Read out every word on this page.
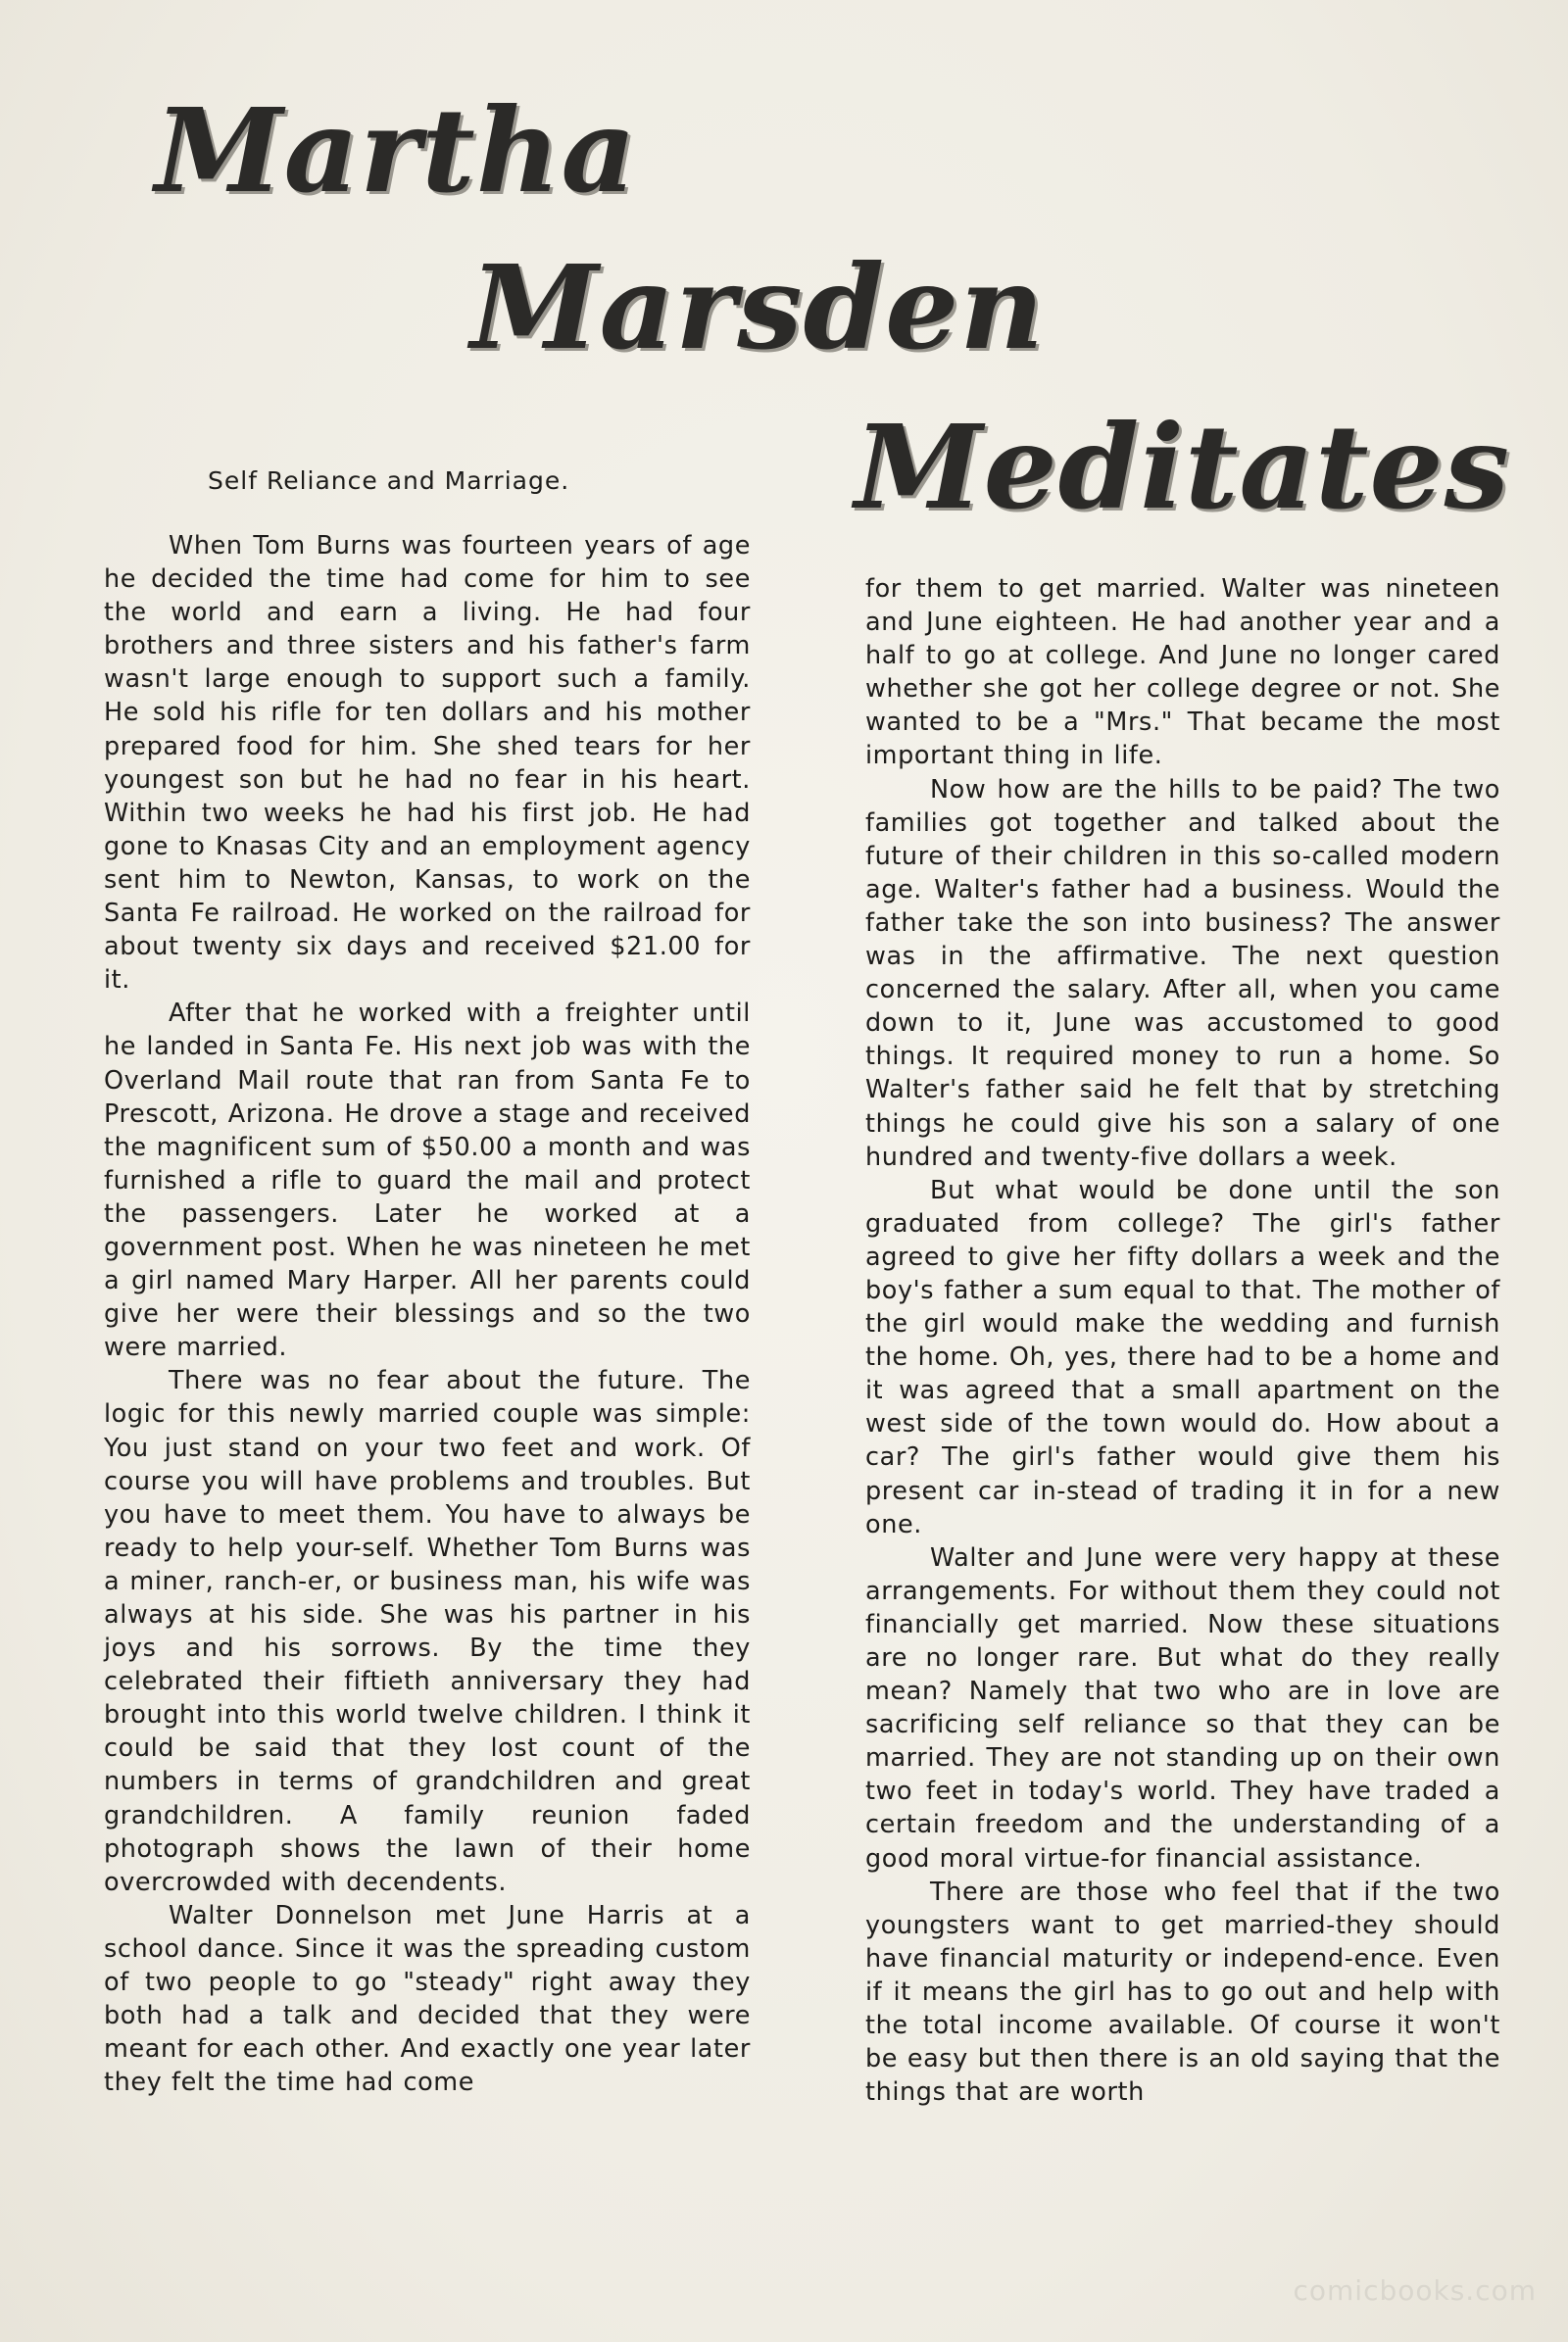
Martha
Marsden
Meditates
Self Reliance and Marriage.

When Tom Burns was fourteen years of age he decided the time had come for him to see the world and earn a living. He had four brothers and three sisters and his father's farm wasn't large enough to support such a family. He sold his rifle for ten dollars and his mother prepared food for him. She shed tears for her youngest son but he had no fear in his heart. Within two weeks he had his first job. He had gone to Knasas City and an employment agency sent him to Newton, Kansas, to work on the Santa Fe railroad. He worked on the railroad for about twenty six days and received $21.00 for it.

After that he worked with a freighter until he landed in Santa Fe. His next job was with the Overland Mail route that ran from Santa Fe to Prescott, Arizona. He drove a stage and received the magnificent sum of $50.00 a month and was furnished a rifle to guard the mail and protect the passengers. Later he worked at a government post. When he was nineteen he met a girl named Mary Harper. All her parents could give her were their blessings and so the two were married.

There was no fear about the future. The logic for this newly married couple was simple: You just stand on your two feet and work. Of course you will have problems and troubles. But you have to meet them. You have to always be ready to help your-self. Whether Tom Burns was a miner, ranch-er, or business man, his wife was always at his side. She was his partner in his joys and his sorrows. By the time they celebrated their fiftieth anniversary they had brought into this world twelve children. I think it could be said that they lost count of the numbers in terms of grandchildren and great grandchildren. A family reunion faded photograph shows the lawn of their home overcrowded with decendents.

Walter Donnelson met June Harris at a school dance. Since it was the spreading custom of two people to go "steady" right away they both had a talk and decided that they were meant for each other. And exactly one year later they felt the time had come

for them to get married. Walter was nineteen and June eighteen. He had another year and a half to go at college. And June no longer cared whether she got her college degree or not. She wanted to be a "Mrs." That became the most important thing in life.

Now how are the hills to be paid? The two families got together and talked about the future of their children in this so-called modern age. Walter's father had a business. Would the father take the son into business? The answer was in the affirmative. The next question concerned the salary. After all, when you came down to it, June was accustomed to good things. It required money to run a home. So Walter's father said he felt that by stretching things he could give his son a salary of one hundred and twenty-five dollars a week.

But what would be done until the son graduated from college? The girl's father agreed to give her fifty dollars a week and the boy's father a sum equal to that. The mother of the girl would make the wedding and furnish the home. Oh, yes, there had to be a home and it was agreed that a small apartment on the west side of the town would do. How about a car? The girl's father would give them his present car in-stead of trading it in for a new one.

Walter and June were very happy at these arrangements. For without them they could not financially get married. Now these situations are no longer rare. But what do they really mean? Namely that two who are in love are sacrificing self reliance so that they can be married. They are not standing up on their own two feet in today's world. They have traded a certain freedom and the understanding of a good moral virtue-for financial assistance.

There are those who feel that if the two youngsters want to get married-they should have financial maturity or independ-ence. Even if it means the girl has to go out and help with the total income available. Of course it won't be easy but then there is an old saying that the things that are worth

comicbooks.com
